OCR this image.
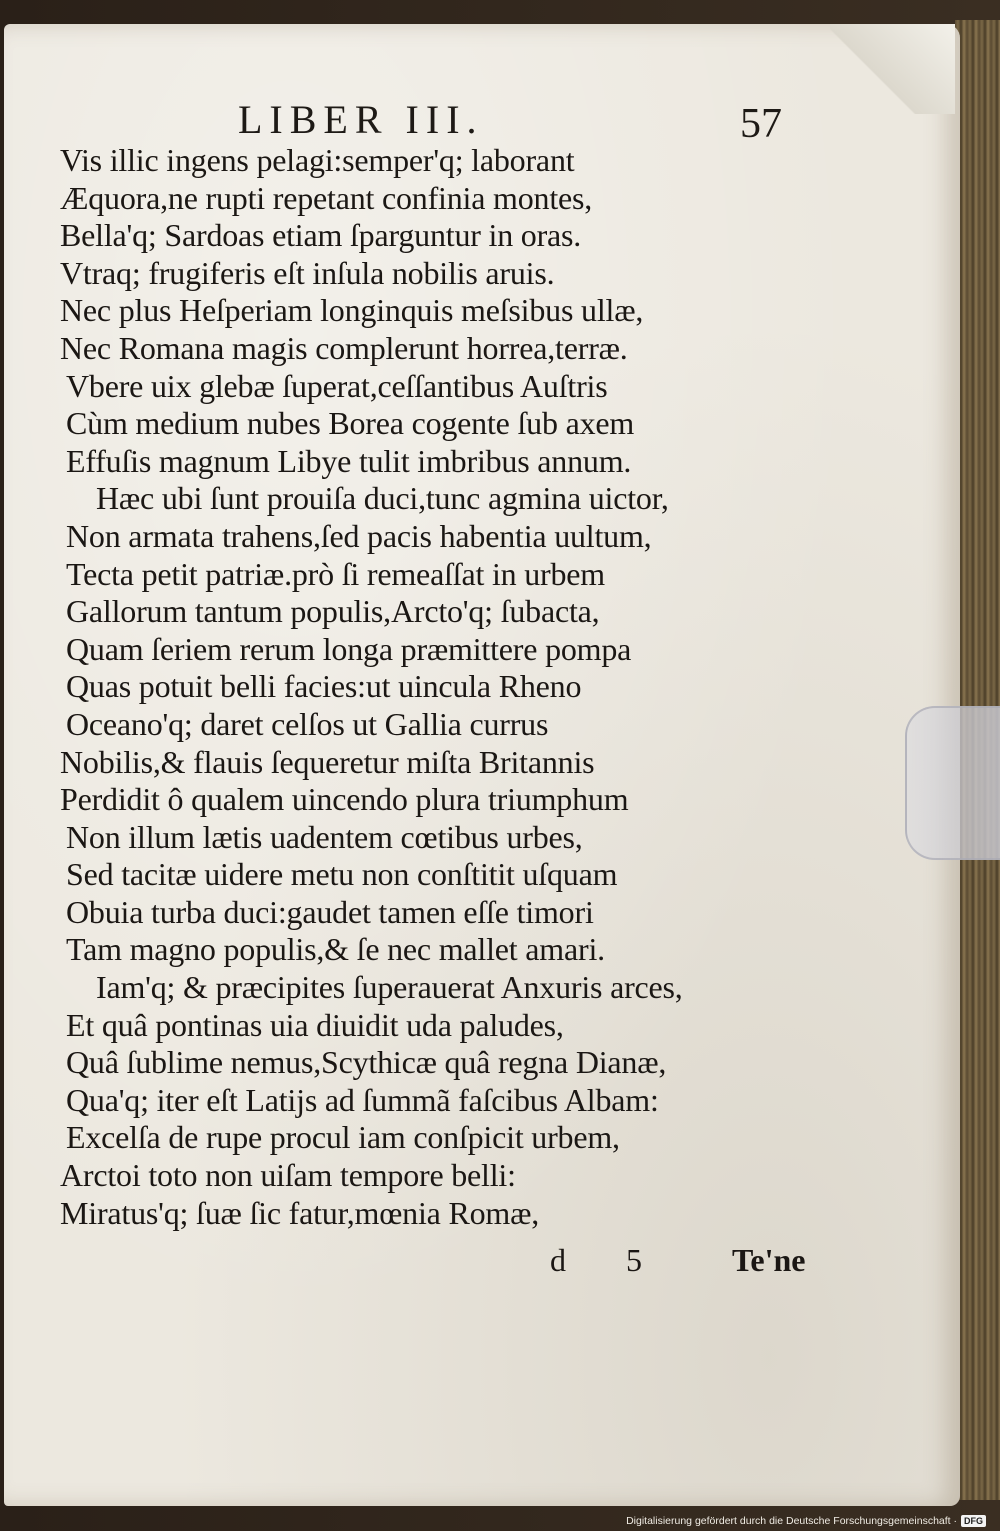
LIBER III.	57
Vis illic ingens pelagi:semper'q; laborant
Æquora,ne rupti repetant confinia montes,
Bella'q; Sardoas etiam ſparguntur in oras.
Vtraq; frugiferis eſt inſula nobilis aruis.
Nec plus Heſperiam longinquis meſsibus ullæ,
Nec Romana magis complerunt horrea,terræ.
Vbere uix glebæ ſuperat,ceſſantibus Auſtris
Cùm medium nubes Borea cogente ſub axem
Effuſis magnum Libye tulit imbribus annum.
Hæc ubi ſunt prouiſa duci,tunc agmina uictor,
Non armata trahens,ſed pacis habentia uultum,
Tecta petit patriæ.prò ſi remeaſſat in urbem
Gallorum tantum populis,Arcto'q; ſubacta,
Quam ſeriem rerum longa præmittere pompa
Quas potuit belli facies:ut uincula Rheno
Oceano'q; daret celſos ut Gallia currus
Nobilis,& flauis ſequeretur miſta Britannis
Perdidit ô qualem uincendo plura triumphum
Non illum lætis uadentem cœtibus urbes,
Sed tacitæ uidere metu non conſtitit uſquam
Obuia turba duci:gaudet tamen eſſe timori
Tam magno populis,& ſe nec mallet amari.
Iam'q; & præcipites ſuperauerat Anxuris arces,
Et quâ pontinas uia diuidit uda paludes,
Quâ ſublime nemus,Scythicæ quâ regna Dianæ,
Qua'q; iter eſt Latijs ad ſummã faſcibus Albam:
Excelſa de rupe procul iam conſpicit urbem,
Arctoi toto non uiſam tempore belli:
Miratus'q; ſuæ ſic fatur,mœnia Romæ,
d 5 Te'ne
Digitalisierung gefördert durch die Deutsche Forschungsgemeinschaft · DFG
